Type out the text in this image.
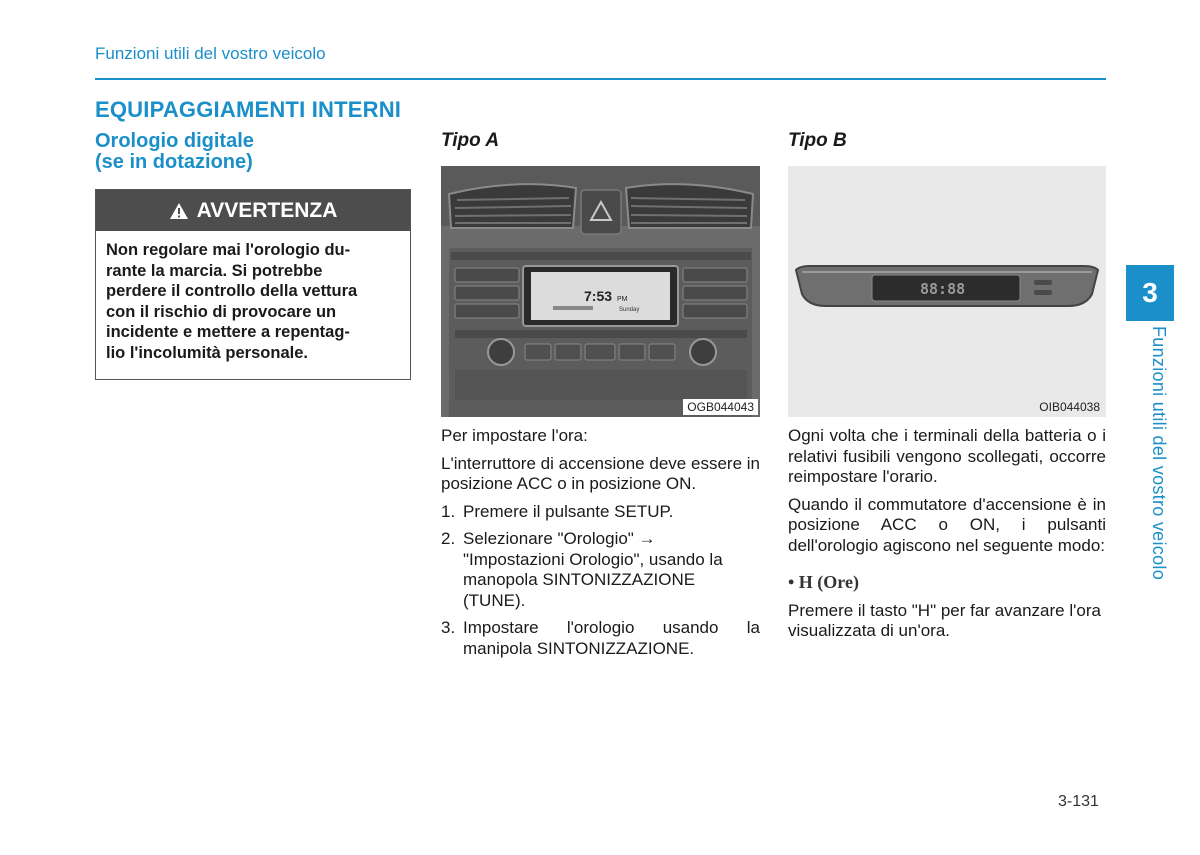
Funzioni utili del vostro veicolo
EQUIPAGGIAMENTI INTERNI
Orologio digitale
(se in dotazione)
AVVERTENZA
Non regolare mai l'orologio du-
rante la marcia. Si potrebbe
perdere il controllo della vettura
con il rischio di provocare un
incidente e mettere a repentag-
lio l'incolumità personale.
Tipo A	Tipo B
7:53 PM
Sunday
OGB044043
88:88
OIB044038

Per impostare l'ora:

L'interruttore di accensione deve essere in posizione ACC o in posizione ON.

1. Premere il pulsante SETUP.
2. Selezionare "Orologio" → "Impostazioni Orologio", usando la manopola SINTONIZZAZIONE (TUNE).
3. Impostare l'orologio usando la manipola SINTONIZZAZIONE.

Ogni volta che i terminali della batteria o i relativi fusibili vengono scollegati, occorre reimpostare l'orario.

Quando il commutatore d'accensione è in posizione ACC o ON, i pulsanti dell'orologio agiscono nel seguente modo:

• H (Ore)

Premere il tasto "H" per far avanzare l'ora visualizzata di un'ora.

3
Funzioni utili del vostro veicolo
3-131
